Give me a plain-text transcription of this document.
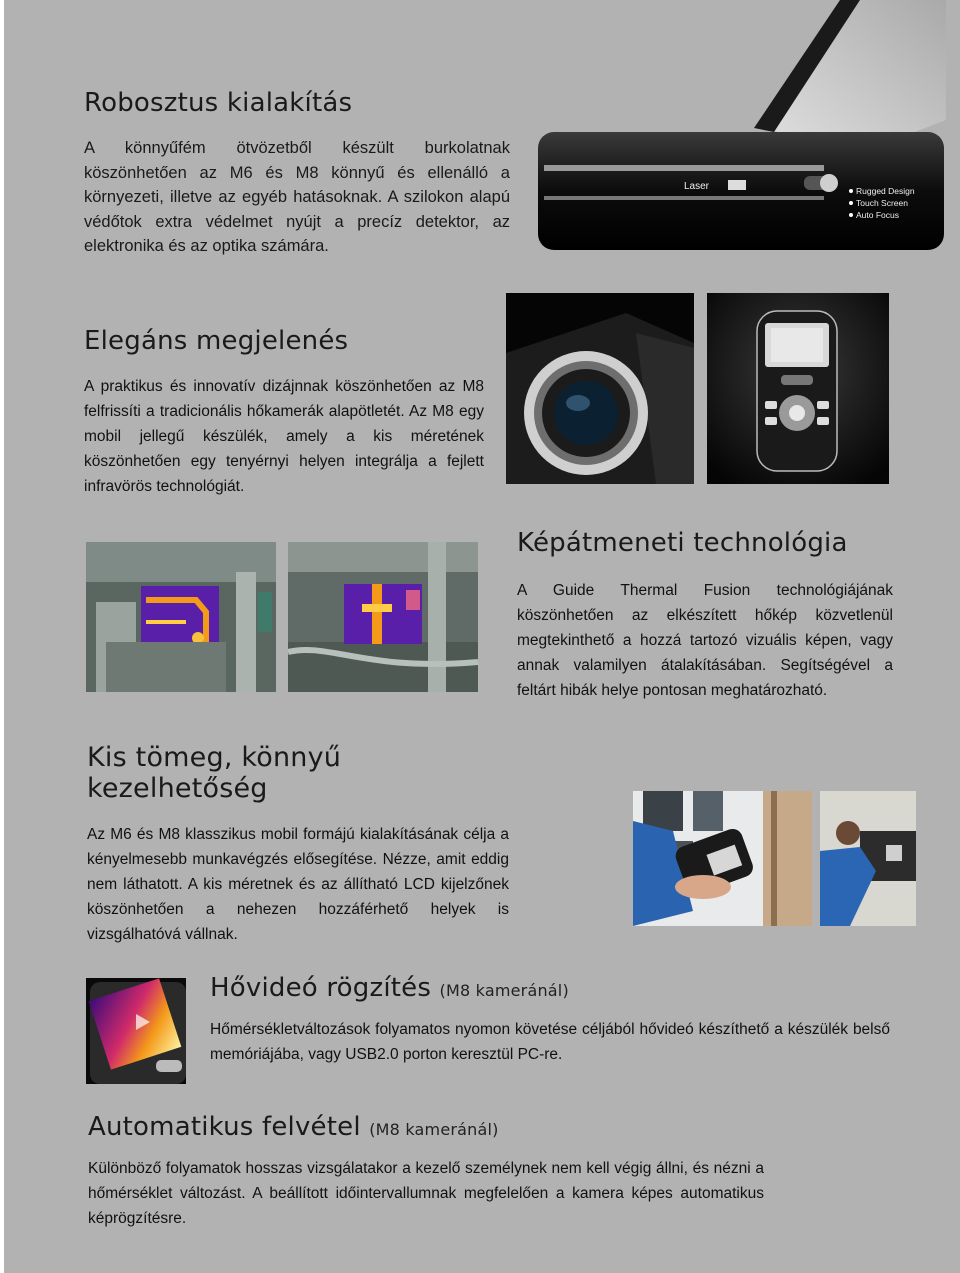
Robosztus kialakítás

A könnyűfém ötvözetből készült burkolatnak köszönhetően az M6 és M8 könnyű és ellenálló a környezeti, illetve az egyéb hatásoknak. A szilokon alapú védőtok extra védelmet nyújt a precíz detektor, az elektronika és az optika számára.

Laser	Rugged Design
Touch Screen
Auto Focus
Elegáns megjelenés

A praktikus és innovatív dizájnnak köszönhetően az M8 felfrissíti a tradicionális hőkamerák alapötletét. Az M8 egy mobil jellegű készülék, amely a kis méretének köszönhetően egy tenyérnyi helyen integrálja a fejlett infravörös technológiát.

Képátmeneti technológia

A Guide Thermal Fusion technológiájának köszönhetően az elkészített hőkép közvetlenül megtekinthető a hozzá tartozó vizuális képen, vagy annak valamilyen átalakításában. Segítségével a feltárt hibák helye pontosan meghatározható.

Kis tömeg, könnyű kezelhetőség

Az M6 és M8 klasszikus mobil formájú kialakításának célja a kényelmesebb munkavégzés elősegítése. Nézze, amit eddig nem láthatott. A kis méretnek és az állítható LCD kijelzőnek köszönhetően a nehezen hozzáférhető helyek is vizsgálhatóvá vállnak.

Hővideó rögzítés (M8 kameránál)

Hőmérsékletváltozások folyamatos nyomon követése céljából hővideó készíthető a készülék belső memóriájába, vagy USB2.0 porton keresztül PC-re.

Automatikus felvétel (M8 kameránál)

Különböző folyamatok hosszas vizsgálatakor a kezelő személynek nem kell végig állni, és nézni a hőmérséklet változást. A beállított időintervallumnak megfelelően a kamera képes automatikus képrögzítésre.
